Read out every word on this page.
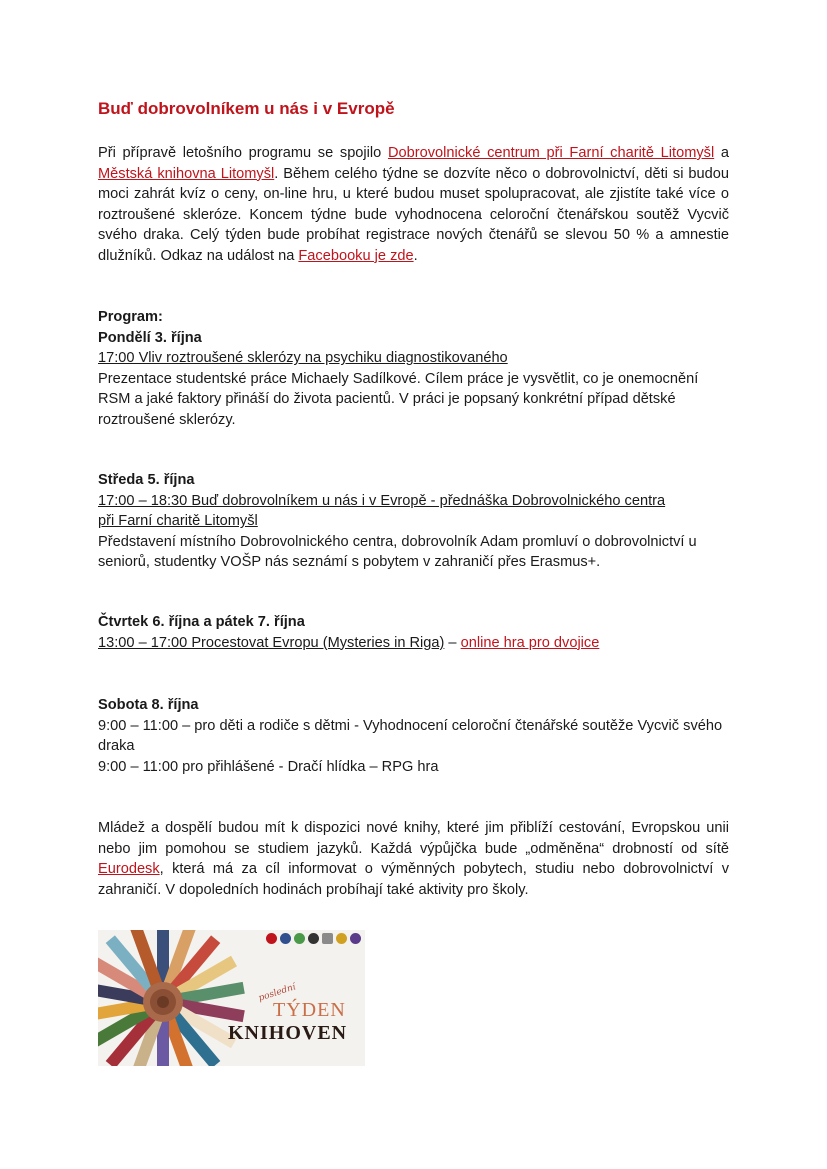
Buď dobrovolníkem u nás i v Evropě

Při přípravě letošního programu se spojilo Dobrovolnické centrum při Farní charitě Litomyšl a Městská knihovna Litomyšl. Během celého týdne se dozvíte něco o dobrovolnictví, děti si budou moci zahrát kvíz o ceny, on-line hru, u které budou muset spolupracovat, ale zjistíte také více o roztroušené skleróze. Koncem týdne bude vyhodnocena celoroční čtenářskou soutěž Vycvič svého draka. Celý týden bude probíhat registrace nových čtenářů se slevou 50 % a amnestie dlužníků. Odkaz na událost na Facebooku je zde.

Program:
Pondělí 3. října
17:00 Vliv roztroušené sklerózy na psychiku diagnostikovaného
Prezentace studentské práce Michaely Sadílkové. Cílem práce je vysvětlit, co je onemocnění RSM a jaké faktory přináší do života pacientů. V práci je popsaný konkrétní případ dětské roztroušené sklerózy.
Středa 5. října
17:00 – 18:30 Buď dobrovolníkem u nás i v Evropě - přednáška Dobrovolnického centra
při Farní charitě Litomyšl
Představení místního Dobrovolnického centra, dobrovolník Adam promluví o dobrovolnictví u seniorů, studentky VOŠP nás seznámí s pobytem v zahraničí přes Erasmus+.
Čtvrtek 6. října a pátek 7. října
13:00 – 17:00 Procestovat Evropu (Mysteries in Riga) – online hra pro dvojice
Sobota 8. října
9:00 – 11:00 – pro děti a rodiče s dětmi - Vyhodnocení celoroční čtenářské soutěže Vycvič svého draka
9:00 – 11:00 pro přihlášené - Dračí hlídka – RPG hra

Mládež a dospělí budou mít k dispozici nové knihy, které jim přiblíží cestování, Evropskou unii nebo jim pomohou se studiem jazyků. Každá výpůjčka bude „odměněna“ drobností od sítě Eurodesk, která má za cíl informovat o výměnných pobytech, studiu nebo dobrovolnictví v zahraničí. V dopoledních hodinách probíhají také aktivity pro školy.

poslední
TÝDEN
KNIHOVEN
